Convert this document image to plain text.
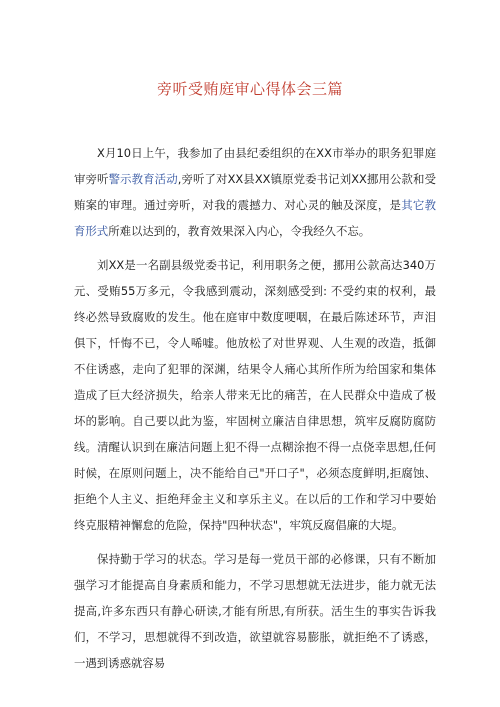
旁听受贿庭审心得体会三篇

X月10日上午，我参加了由县纪委组织的在XX市举办的职务犯罪庭审旁听警示教育活动,旁听了对XX县XX镇原党委书记刘XX挪用公款和受贿案的审理。通过旁听，对我的震撼力、对心灵的触及深度，是其它教育形式所难以达到的，教育效果深入内心，令我经久不忘。

刘XX是一名副县级党委书记，利用职务之便，挪用公款高达340万元、受贿55万多元，令我感到震动，深刻感受到: 不受约束的权利，最终必然导致腐败的发生。他在庭审中数度哽咽，在最后陈述环节，声泪俱下，忏悔不已，令人唏嘘。他放松了对世界观、人生观的改造，抵御不住诱惑，走向了犯罪的深渊，结果令人痛心其所作所为给国家和集体造成了巨大经济损失，给亲人带来无比的痛苦，在人民群众中造成了极坏的影响。自己要以此为鉴，牢固树立廉洁自律思想，筑牢反腐防腐防线。清醒认识到在廉洁问题上犯不得一点糊涂抱不得一点侥幸思想,任何时候，在原则问题上，决不能给自己"开口子"，必须态度鲜明,拒腐蚀、拒绝个人主义、拒绝拜金主义和享乐主义。在以后的工作和学习中要始终克服精神懈怠的危险，保持"四种状态"，牢筑反腐倡廉的大堤。

保持勤于学习的状态。学习是每一党员干部的必修课，只有不断加强学习才能提高自身素质和能力，不学习思想就无法进步，能力就无法提高,许多东西只有静心研读,才能有所思,有所获。活生生的事实告诉我们，不学习，思想就得不到改造，欲望就容易膨胀，就拒绝不了诱惑，一遇到诱惑就容易
